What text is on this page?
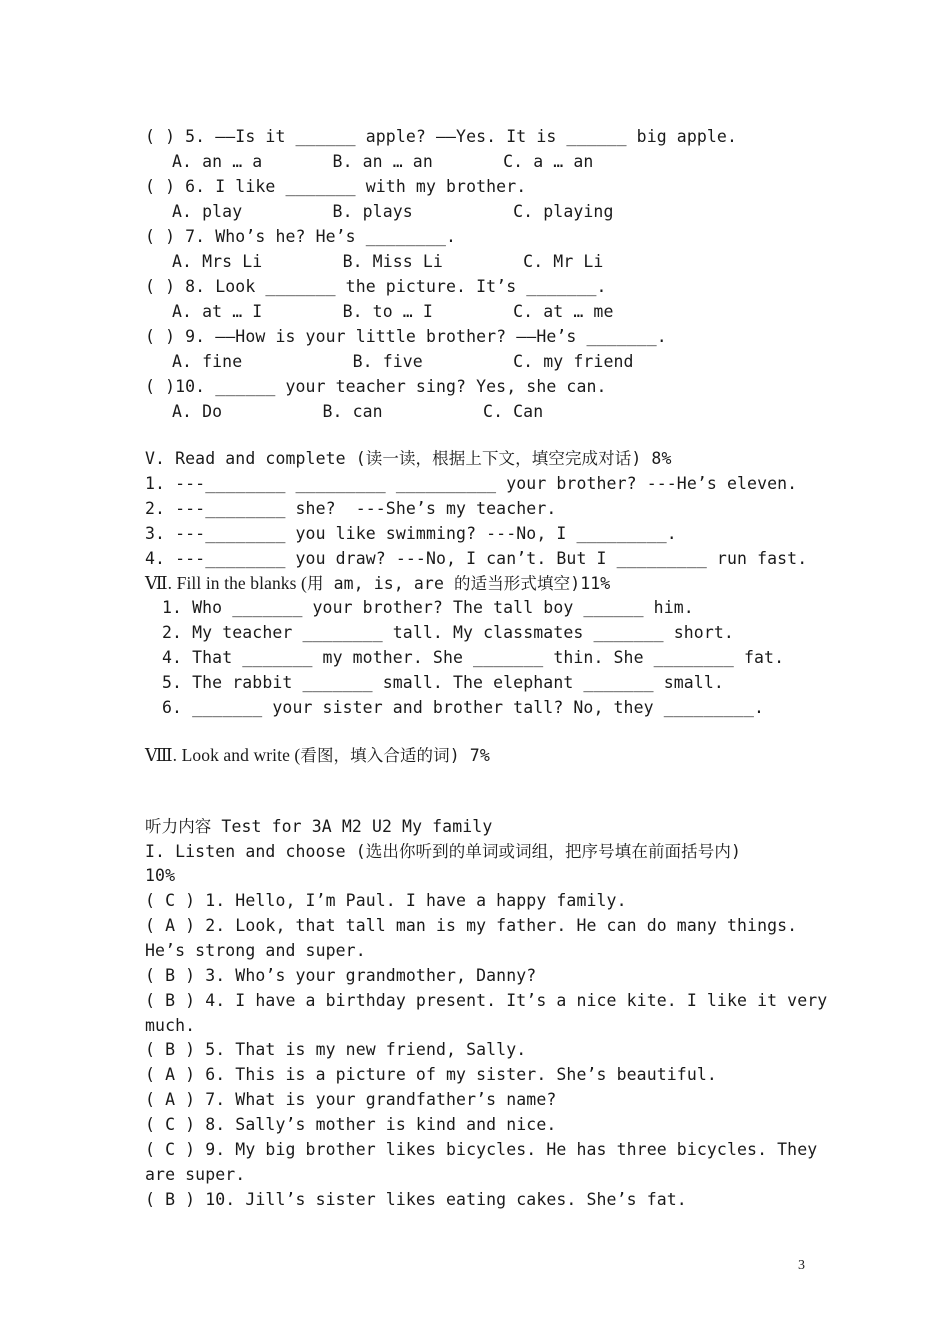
( ) 5. ——Is it ______ apple? ——Yes. It is ______ big apple.

A. an … a       B. an … an       C. a … an

( ) 6. I like _______ with my brother.

A. play         B. plays          C. playing

( ) 7. Who’s he? He’s ________.

A. Mrs Li        B. Miss Li        C. Mr Li

( ) 8. Look _______ the picture. It’s _______.

A. at … I        B. to … I        C. at … me

( ) 9. ——How is your little brother? ——He’s _______.

A. fine           B. five         C. my friend

( )10. ______ your teacher sing? Yes, she can.

A. Do          B. can          C. Can

V. Read and complete (读一读，根据上下文，填空完成对话) 8%

1. ---________ _________ __________ your brother? ---He’s eleven.

2. ---________ she?  ---She’s my teacher.

3. ---________ you like swimming? ---No, I _________.

4. ---________ you draw? ---No, I can’t. But I _________ run fast.

Ⅶ. Fill in the blanks (用 am, is, are 的适当形式填空)11%

1. Who _______ your brother? The tall boy ______ him.

2. My teacher ________ tall. My classmates _______ short.

4. That _______ my mother. She _______ thin. She ________ fat.

5. The rabbit _______ small. The elephant _______ small.

6. _______ your sister and brother tall? No, they _________.

Ⅷ. Look and write (看图，填入合适的词) 7%

听力内容 Test for 3A M2 U2 My family

I. Listen and choose (选出你听到的单词或词组，把序号填在前面括号内)

10%

( C ) 1. Hello, I’m Paul. I have a happy family.

( A ) 2. Look, that tall man is my father. He can do many things.

He’s strong and super.

( B ) 3. Who’s your grandmother, Danny?

( B ) 4. I have a birthday present. It’s a nice kite. I like it very

much.

( B ) 5. That is my new friend, Sally.

( A ) 6. This is a picture of my sister. She’s beautiful.

( A ) 7. What is your grandfather’s name?

( C ) 8. Sally’s mother is kind and nice.

( C ) 9. My big brother likes bicycles. He has three bicycles. They

are super.

( B ) 10. Jill’s sister likes eating cakes. She’s fat.

3
